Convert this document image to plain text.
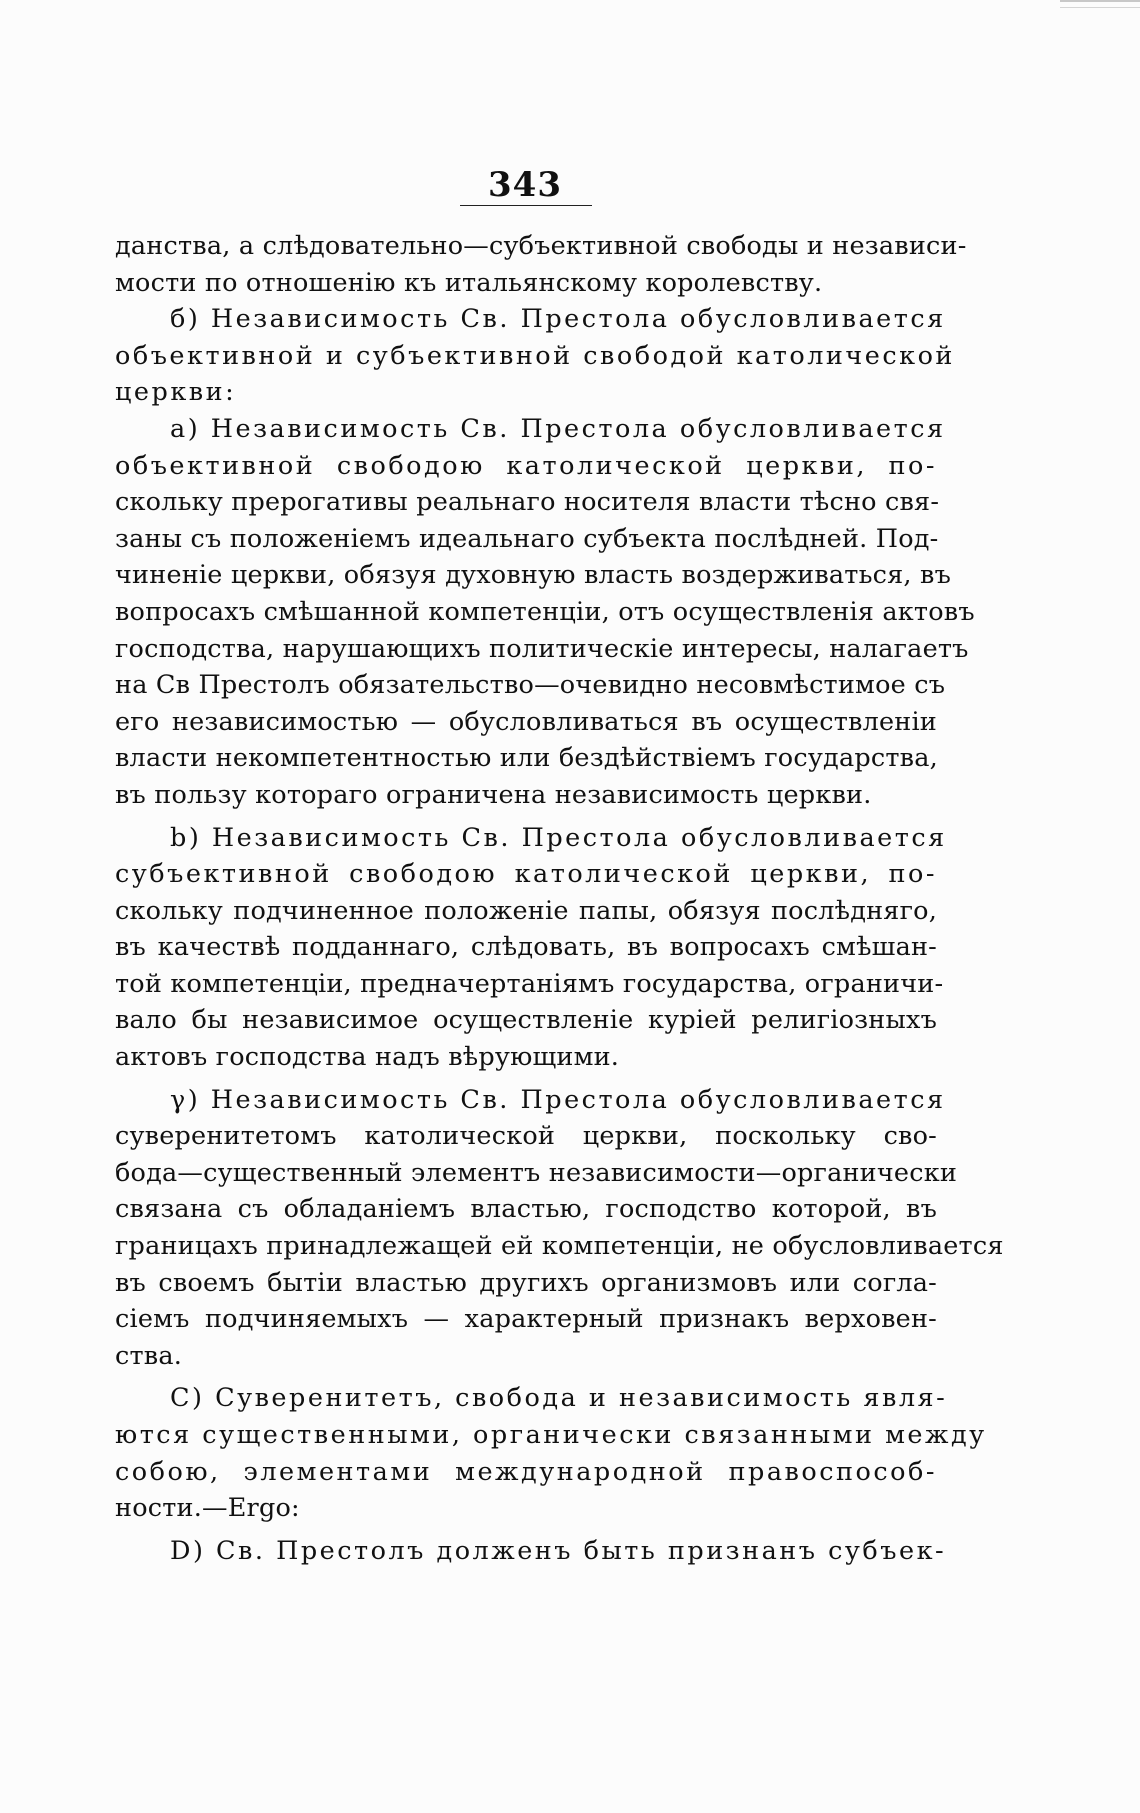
343
данства, а слѣдовательно—субъективной свободы и независи-
мости по отношенію къ итальянскому королевству.
б) Независимость Св. Престола обусловливается
объективной и субъективной свободой католической
церкви:
a) Независимость Св. Престола обусловливается
объективной свободою католической церкви, по-
скольку прерогативы реальнаго носителя власти тѣсно свя-
заны съ положеніемъ идеальнаго субъекта послѣдней. Под-
чиненіе церкви, обязуя духовную власть воздерживаться, въ
вопросахъ смѣшанной компетенціи, отъ осуществленія актовъ
господства, нарушающихъ политическіе интересы, налагаетъ
на Св Престолъ обязательство—очевидно несовмѣстимое съ
его независимостью — обусловливаться въ осуществленіи
власти некомпетентностью или бездѣйствіемъ государства,
въ пользу котораго ограничена независимость церкви.
b) Независимость Св. Престола обусловливается
субъективной свободою католической церкви, по-
скольку подчиненное положеніе папы, обязуя послѣдняго,
въ качествѣ подданнаго, слѣдовать, въ вопросахъ смѣшан-
той компетенціи, предначертаніямъ государства, ограничи-
вало бы независимое осуществленіе куріей религіозныхъ
актовъ господства надъ вѣрующими.
γ) Независимость Св. Престола обусловливается
суверенитетомъ католической церкви, поскольку сво-
бода—существенный элементъ независимости—органически
связана съ обладаніемъ властью, господство которой, въ
границахъ принадлежащей ей компетенціи, не обусловливается
въ своемъ бытіи властью другихъ организмовъ или согла-
сіемъ подчиняемыхъ — характерный признакъ верховен-
ства.
C) Суверенитетъ, свобода и независимость явля-
ются существенными, органически связанными между
собою, элементами международной правоспособ-
ности.—Ergo:
D) Св. Престолъ долженъ быть признанъ субъек-
